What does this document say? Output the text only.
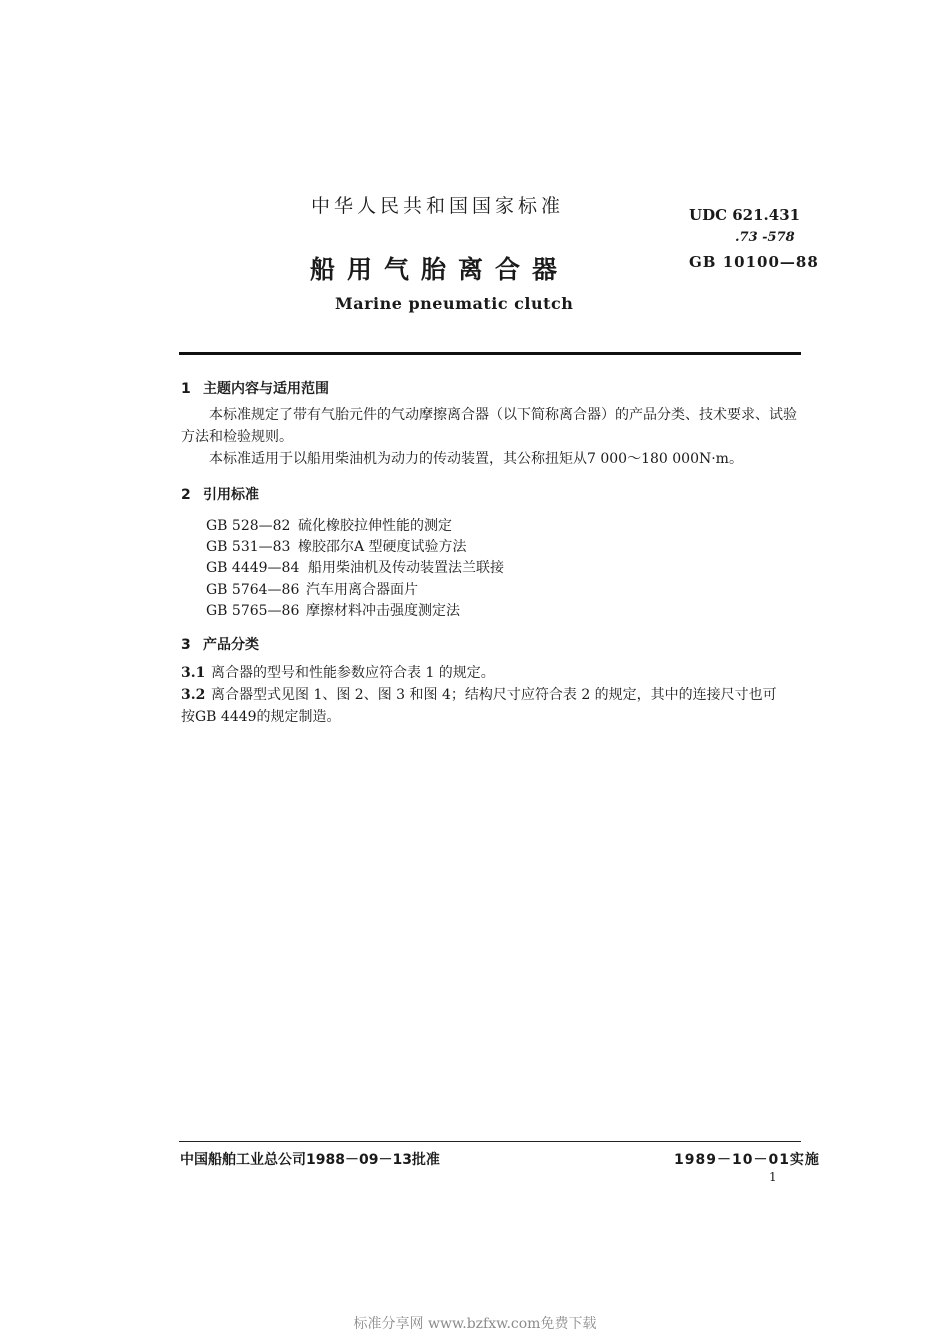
中华人民共和国国家标准	UDC 621.431
.73 -578
船用气胎离合器	GB 10100—88
Marine pneumatic clutch
1 主题内容与适用范围
本标准规定了带有气胎元件的气动摩擦离合器（以下简称离合器）的产品分类、技术要求、试验
方法和检验规则。
本标准适用于以船用柴油机为动力的传动装置，其公称扭矩从7 000～180 000N·m。
2 引用标准
GB 528—82 硫化橡胶拉伸性能的测定
GB 531—83 橡胶邵尔A 型硬度试验方法
GB 4449—84 船用柴油机及传动装置法兰联接
GB 5764—86 汽车用离合器面片
GB 5765—86 摩擦材料冲击强度测定法
3 产品分类
3.1 离合器的型号和性能参数应符合表 1 的规定。
3.2 离合器型式见图 1、图 2、图 3 和图 4；结构尺寸应符合表 2 的规定，其中的连接尺寸也可
按GB 4449的规定制造。
中国船舶工业总公司1988－09－13批准	1989－10－01实施
1
标准分享网 www.bzfxw.com免费下载
